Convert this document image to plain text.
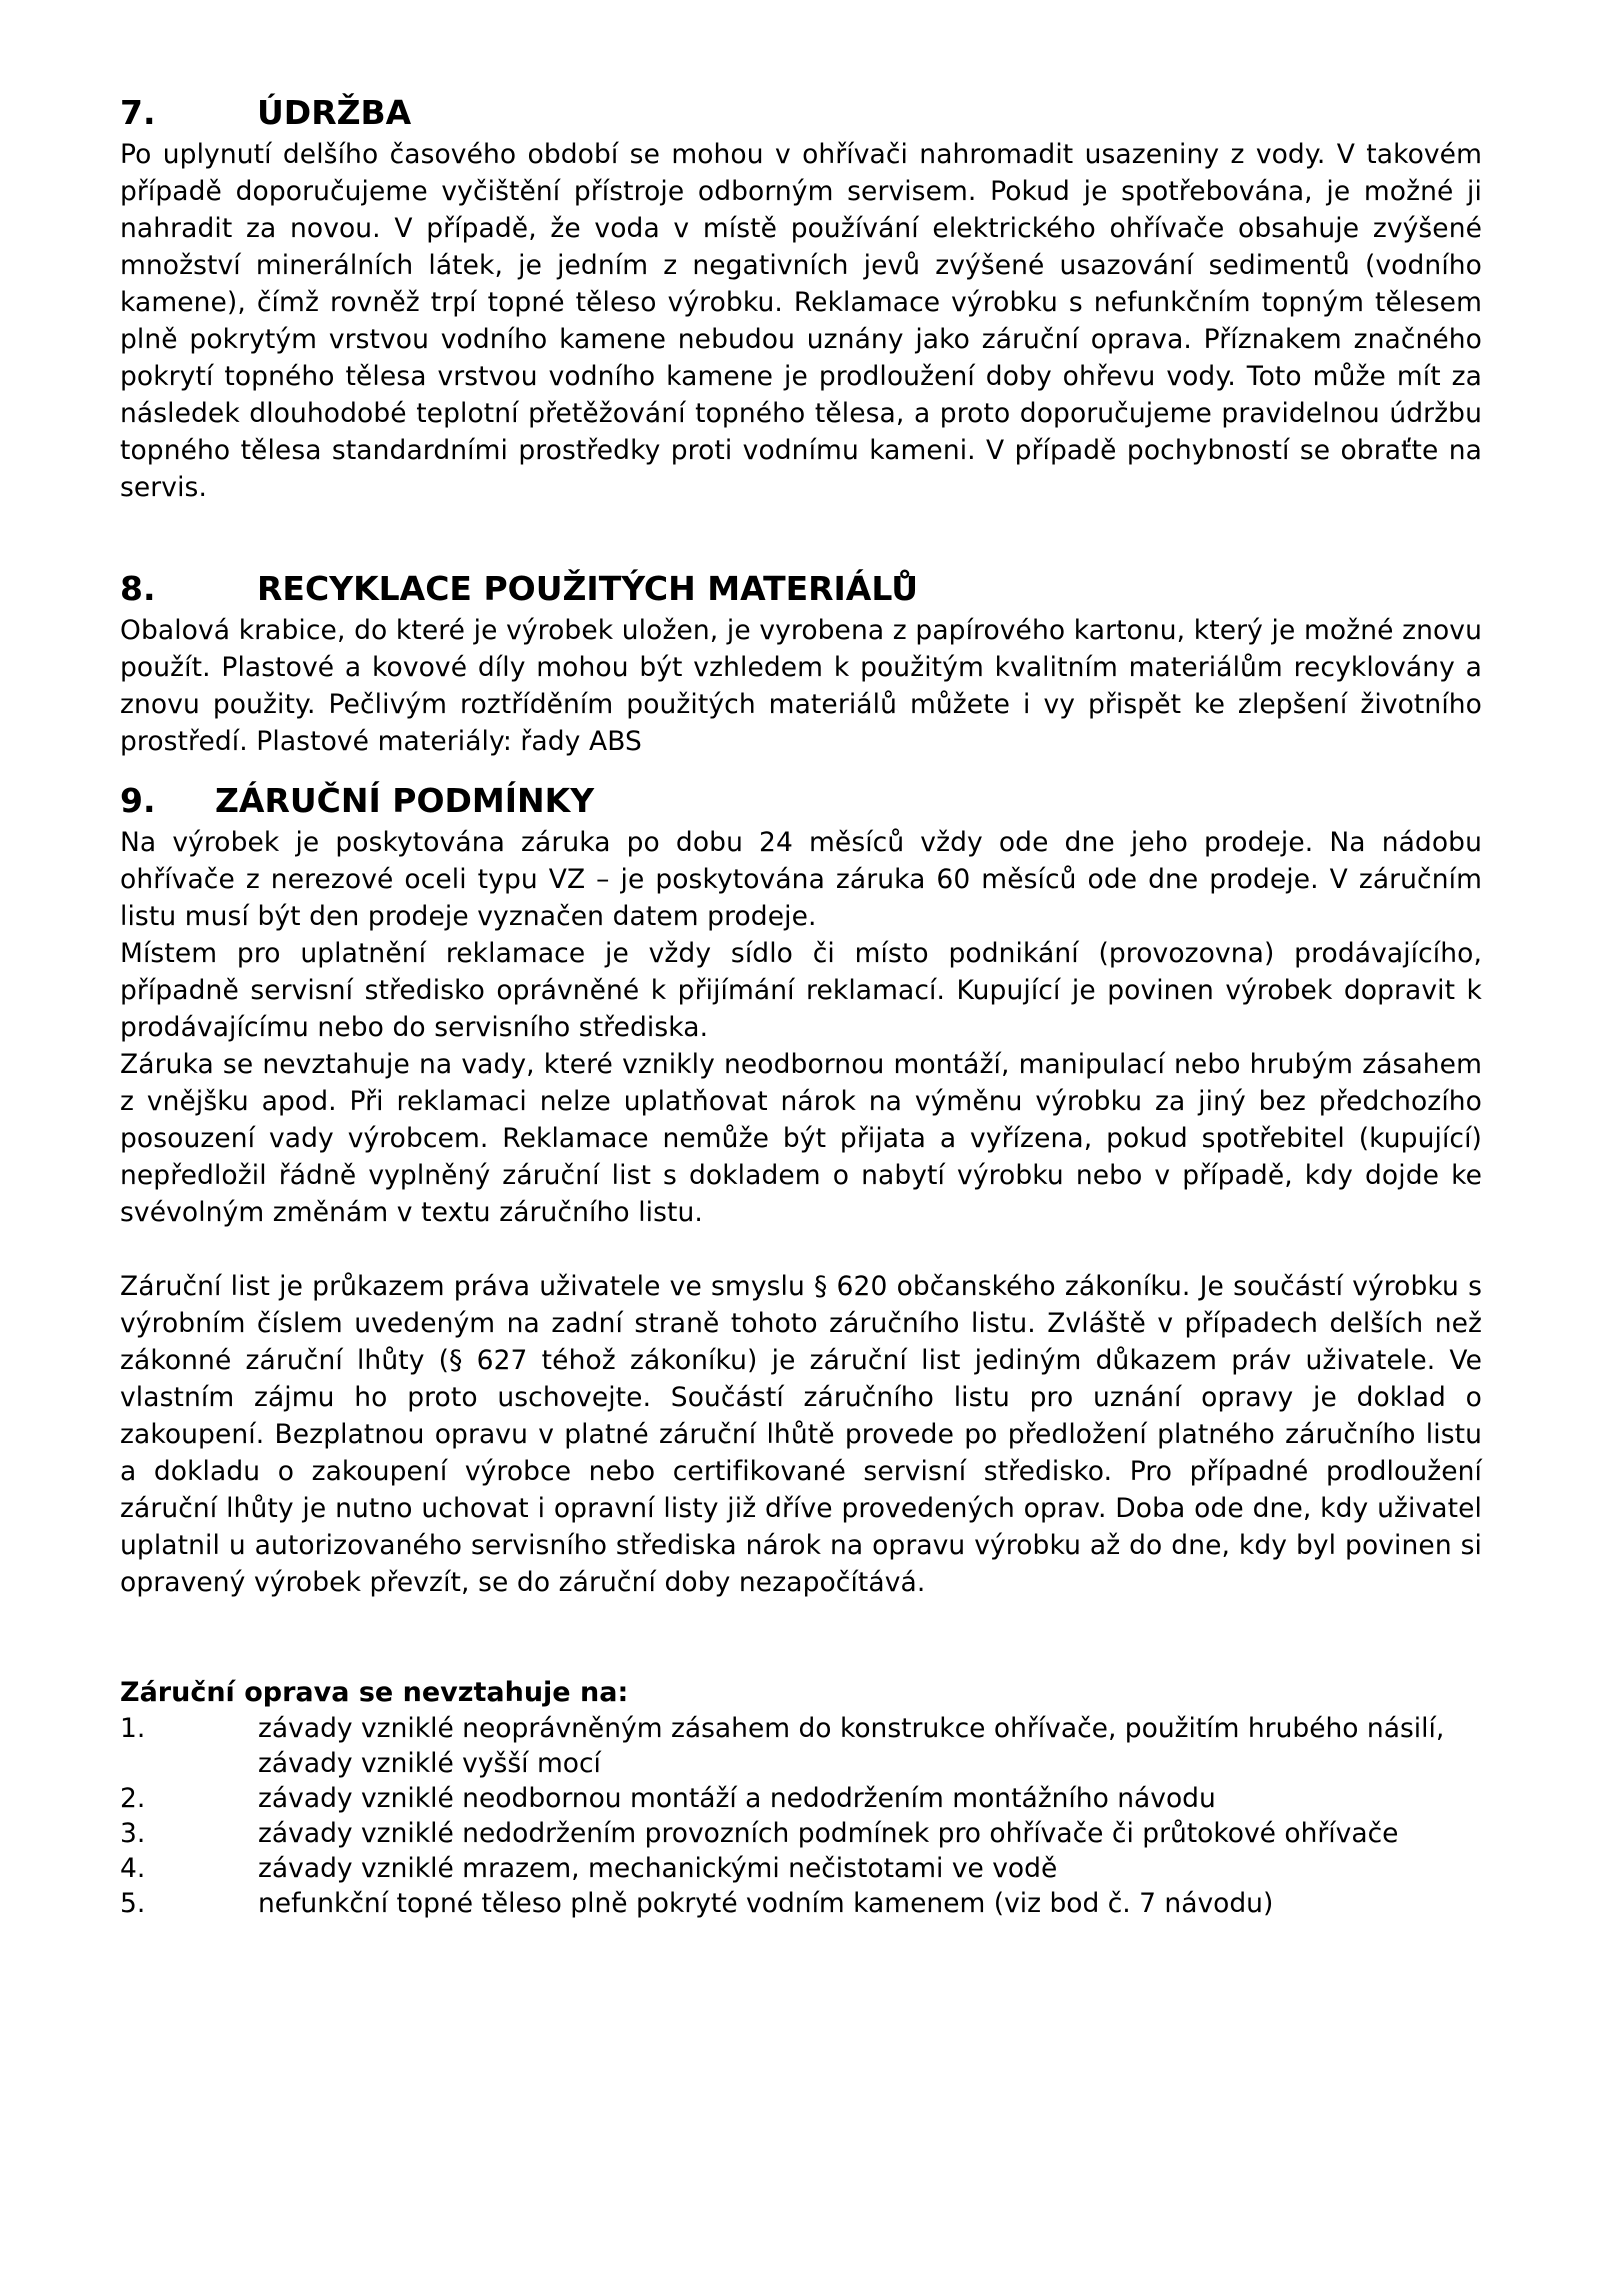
7.	ÚDRŽBA

Po uplynutí delšího časového období se mohou v ohřívači nahromadit usazeniny z vody. V takovém případě doporučujeme vyčištění přístroje odborným servisem. Pokud je spotřebována, je možné ji nahradit za novou. V případě, že voda v místě používání elektrického ohřívače obsahuje zvýšené množství minerálních látek, je jedním z negativních jevů zvýšené usazování sedimentů (vodního kamene), čímž rovněž trpí topné těleso výrobku. Reklamace výrobku s nefunkčním topným tělesem plně pokrytým vrstvou vodního kamene nebudou uznány jako záruční oprava. Příznakem značného pokrytí topného tělesa vrstvou vodního kamene je prodloužení doby ohřevu vody. Toto může mít za následek dlouhodobé teplotní přetěžování topného tělesa, a proto doporučujeme pravidelnou údržbu topného tělesa standardními prostředky proti vodnímu kameni. V případě pochybností se obraťte na servis.

8.	RECYKLACE POUŽITÝCH MATERIÁLŮ

Obalová krabice, do které je výrobek uložen, je vyrobena z papírového kartonu, který je možné znovu použít. Plastové a kovové díly mohou být vzhledem k použitým kvalitním materiálům recyklovány a znovu použity. Pečlivým roztříděním použitých materiálů můžete i vy přispět ke zlepšení životního prostředí. Plastové materiály: řady ABS

9.	ZÁRUČNÍ PODMÍNKY

Na výrobek je poskytována záruka po dobu 24 měsíců vždy ode dne jeho prodeje. Na nádobu ohřívače z nerezové oceli typu VZ – je poskytována záruka 60 měsíců ode dne prodeje. V záručním listu musí být den prodeje vyznačen datem prodeje.

Místem pro uplatnění reklamace je vždy sídlo či místo podnikání (provozovna) prodávajícího, případně servisní středisko oprávněné k přijímání reklamací. Kupující je povinen výrobek dopravit k prodávajícímu nebo do servisního střediska.

Záruka se nevztahuje na vady, které vznikly neodbornou montáží, manipulací nebo hrubým zásahem z vnějšku apod. Při reklamaci nelze uplatňovat nárok na výměnu výrobku za jiný bez předchozího posouzení vady výrobcem. Reklamace nemůže být přijata a vyřízena, pokud spotřebitel (kupující) nepředložil řádně vyplněný záruční list s dokladem o nabytí výrobku nebo v případě, kdy dojde ke svévolným změnám v textu záručního listu.

Záruční list je průkazem práva uživatele ve smyslu § 620 občanského zákoníku. Je součástí výrobku s výrobním číslem uvedeným na zadní straně tohoto záručního listu. Zvláště v případech delších než zákonné záruční lhůty (§ 627 téhož zákoníku) je záruční list jediným důkazem práv uživatele. Ve vlastním zájmu ho proto uschovejte. Součástí záručního listu pro uznání opravy je doklad o zakoupení. Bezplatnou opravu v platné záruční lhůtě provede po předložení platného záručního listu a dokladu o zakoupení výrobce nebo certifikované servisní středisko. Pro případné prodloužení záruční lhůty je nutno uchovat i opravní listy již dříve provedených oprav. Doba ode dne, kdy uživatel uplatnil u autorizovaného servisního střediska nárok na opravu výrobku až do dne, kdy byl povinen si opravený výrobek převzít, se do záruční doby nezapočítává.

Záruční oprava se nevztahuje na:
1.	závady vzniklé neoprávněným zásahem do konstrukce ohřívače, použitím hrubého násilí, závady vzniklé vyšší mocí
2.	závady vzniklé neodbornou montáží a nedodržením montážního návodu
3.	závady vzniklé nedodržením provozních podmínek pro ohřívače či průtokové ohřívače
4.	závady vzniklé mrazem, mechanickými nečistotami ve vodě
5.	nefunkční topné těleso plně pokryté vodním kamenem (viz bod č. 7 návodu)
